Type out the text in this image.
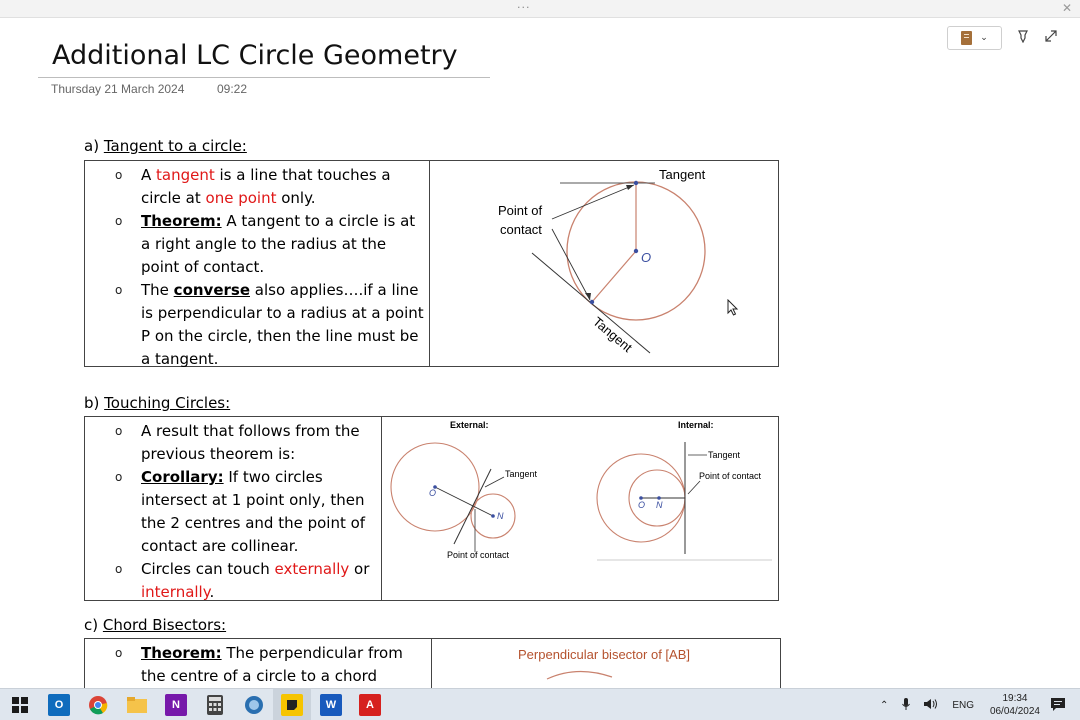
···	✕
⌄
Additional LC Circle Geometry
Thursday 21 March 2024	09:22
a) Tangent to a circle:
o A tangent is a line that touches a circle at one point only.
o Theorem: A tangent to a circle is at a right angle to the radius at the point of contact.
o The converse also applies….if a line is perpendicular to a radius at a point P on the circle, then the line must be a tangent.
Tangent
Point of
contact
O
Tangent
b) Touching Circles:
o A result that follows from the previous theorem is:
o Corollary: If two circles intersect at 1 point only, then the 2 centres and the point of contact are collinear.
o Circles can touch externally or internally.
External:	Internal:
O
N
Tangent
Point of contact
O N
Tangent
Point of contact
c) Chord Bisectors:
o Theorem: The perpendicular from the centre of a circle to a chord
Perpendicular bisector of [AB]
O	N	W	A	⌃	ENG
19:34
06/04/2024
